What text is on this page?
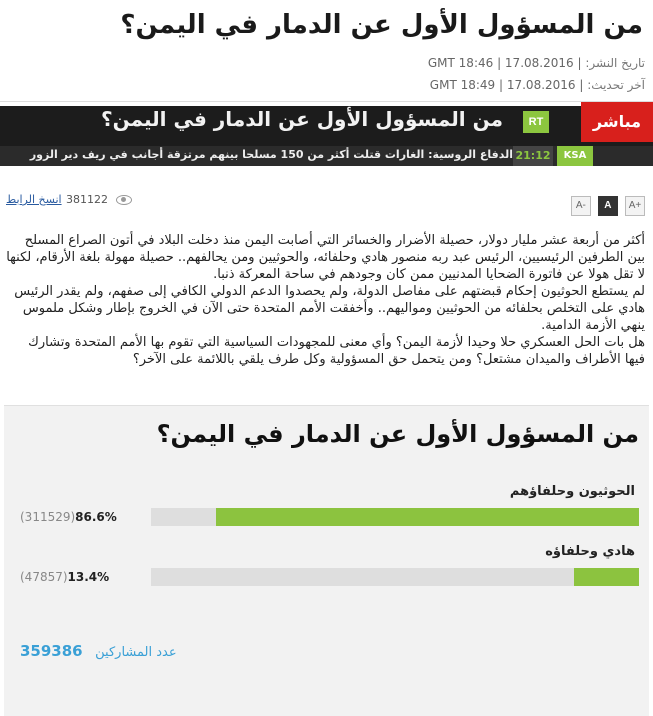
من المسؤول الأول عن الدمار في اليمن؟
تاريخ النشر: GMT 18:46 | 17.08.2016 |
آخر تحديث: GMT 18:49 | 17.08.2016 |
مباشر
RT
من المسؤول الأول عن الدمار في اليمن؟
KSA
21:12
الدفاع الروسية: الغارات قتلت أكثر من 150 مسلحا بينهم مرتزقة أجانب في ريف دير الزور
انسخ الرابط 381122	A- A A+

أكثر من أربعة عشر مليار دولار، حصيلة الأضرار والخسائر التي أصابت اليمن منذ دخلت البلاد في أتون الصراع المسلح بين الطرفين الرئيسيين، الرئيس عبد ربه منصور هادي وحلفائه، والحوثيين ومن يحالفهم.. حصيلة مهولة بلغة الأرقام، لكنها لا تقل هولا عن فاتورة الضحايا المدنيين ممن كان وجودهم في ساحة المعركة ذنبا.

لم يستطع الحوثيون إحكام قبضتهم على مفاصل الدولة، ولم يحصدوا الدعم الدولي الكافي إلى صفهم، ولم يقدر الرئيس هادي على التخلص بحلفائه من الحوثيين ومواليهم.. وأخفقت الأمم المتحدة حتى الآن في الخروج بإطار وشكل ملموس ينهي الأزمة الدامية.

هل بات الحل العسكري حلا وحيدا لأزمة اليمن؟ وأي معنى للمجهودات السياسية التي تقوم بها الأمم المتحدة وتشارك فيها الأطراف والميدان مشتعل؟ ومن يتحمل حق المسؤولية وكل طرف يلقي باللائمة على الآخر؟

من المسؤول الأول عن الدمار في اليمن؟
الحوثيون وحلفاؤهم
(311529)86.6%
هادي وحلفاؤه
(47857)13.4%
359386 عدد المشاركين
